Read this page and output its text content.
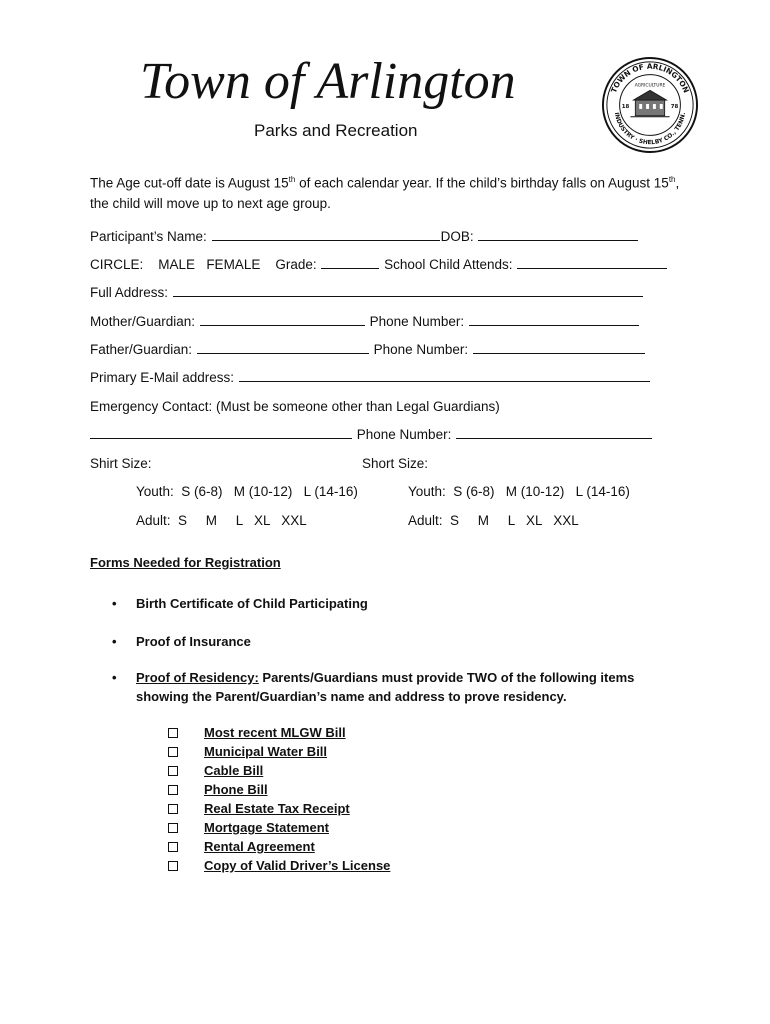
Town of Arlington
Parks and Recreation
TOWN OF ARLINGTON
INDUSTRY · SHELBY CO., TENN.
AGRICULTURE
18	78
The Age cut-off date is August 15th of each calendar year. If the child’s birthday falls on August 15th, the child will move up to next age group.
Participant’s Name:	DOB:
CIRCLE: MALE FEMALE Grade:	School Child Attends:
Full Address:
Mother/Guardian:	Phone Number:
Father/Guardian:	Phone Number:
Primary E-Mail address:
Emergency Contact: (Must be someone other than Legal Guardians)
Phone Number:
Shirt Size:	Short Size:
Youth:  S (6-8)   M (10-12)   L (14-16)	Youth:  S (6-8)   M (10-12)   L (14-16)
Adult:  S     M     L   XL   XXL	Adult:  S     M     L   XL   XXL
Forms Needed for Registration
• Birth Certificate of Child Participating
• Proof of Insurance
• Proof of Residency: Parents/Guardians must provide TWO of the following items showing the Parent/Guardian’s name and address to prove residency.
Most recent MLGW Bill
Municipal Water Bill
Cable Bill
Phone Bill
Real Estate Tax Receipt
Mortgage Statement
Rental Agreement
Copy of Valid Driver’s License
